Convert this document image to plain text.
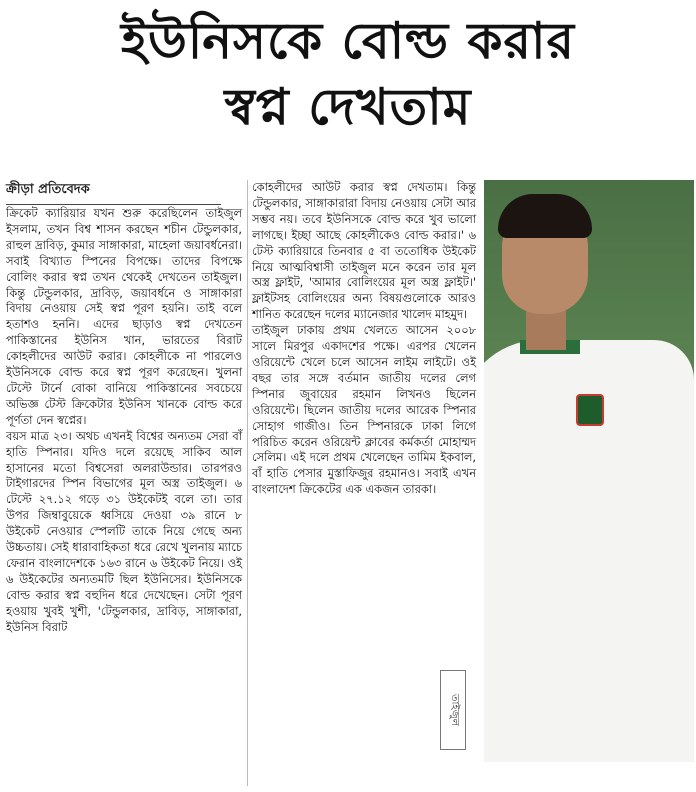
ইউনিসকে বোল্ড করার
স্বপ্ন দেখতাম
ক্রীড়া প্রতিবেদক

ক্রিকেট ক্যারিয়ার যখন শুরু করেছিলেন তাইজুল ইসলাম, তখন বিশ্ব শাসন করছেন শচীন টেন্ডুলকার, রাহুল দ্রাবিড়, কুমার সাঙ্গাকারা, মাহেলা জয়াবর্ধনেরা। সবাই বিখ্যাত স্পিনের বিপক্ষে। তাদের বিপক্ষে বোলিং করার স্বপ্ন তখন থেকেই দেখতেন তাইজুল। কিন্তু টেন্ডুলকার, দ্রাবিড়, জয়াবর্ধনে ও সাঙ্গাকারা বিদায় নেওয়ায় সেই স্বপ্ন পূরণ হয়নি। তাই বলে হতাশও হননি। এদের ছাড়াও স্বপ্ন দেখতেন পাকিস্তানের ইউনিস খান, ভারতের বিরাট কোহলীদের আউট করার। কোহলীকে না পারলেও ইউনিসকে বোল্ড করে স্বপ্ন পূরণ করেছেন। খুলনা টেস্টে টার্নে বোকা বানিয়ে পাকিস্তানের সবচেয়ে অভিজ্ঞ টেস্ট ক্রিকেটার ইউনিস খানকে বোল্ড করে পূর্ণতা দেন স্বপ্নের।

বয়স মাত্র ২৩। অথচ এখনই বিশ্বের অন্যতম সেরা বাঁ হাতি স্পিনার। যদিও দলে রয়েছে সাকিব আল হাসানের মতো বিশ্বসেরা অলরাউন্ডার। তারপরও টাইগারদের স্পিন বিভাগের মূল অস্ত্র তাইজুল। ৬ টেস্টে ২৭.১২ গড়ে ৩১ উইকেটই বলে তা। তার উপর জিম্বাবুয়েকে ধ্বসিয়ে দেওয়া ৩৯ রানে ৮ উইকেট নেওয়ার স্পেলটি তাকে নিয়ে গেছে অন্য উচ্চতায়। সেই ধারাবাহিকতা ধরে রেখে খুলনায় ম্যাচে ফেরান বাংলাদেশকে ১৬৩ রানে ৬ উইকেট নিয়ে। ওই ৬ উইকেটের অন্যতমটি ছিল ইউনিসের। ইউনিসকে বোল্ড করার স্বপ্ন বহুদিন ধরে দেখেছেন। সেটা পূরণ হওয়ায় খুবই খুশী, 'টেন্ডুলকার, দ্রাবিড়, সাঙ্গাকারা, ইউনিস বিরাট

কোহলীদের আউট করার স্বপ্ন দেখতাম। কিন্তু টেন্ডুলকার, সাঙ্গাকারারা বিদায় নেওয়ায় সেটা আর সম্ভব নয়। তবে ইউনিসকে বোল্ড করে খুব ভালো লাগছে। ইচ্ছা আছে কোহলীকেও বোল্ড করার।' ৬ টেস্ট ক্যারিয়ারে তিনবার ৫ বা ততোধিক উইকেট নিয়ে আত্মবিশ্বাসী তাইজুল মনে করেন তার মূল অস্ত্র ফ্লাইট, 'আমার বোলিংয়ের মূল অস্ত্র ফ্লাইট।' ফ্লাইটসহ বোলিংয়ের অন্য বিষয়গুলোকে আরও শানিত করেছেন দলের ম্যানেজার খালেদ মাহমুদ।

তাইজুল ঢাকায় প্রথম খেলতে আসেন ২০০৮ সালে মিরপুর একাদশের পক্ষে। এরপর খেলেন ওরিয়েন্টে খেলে চলে আসেন লাইম লাইটে। ওই বছর তার সঙ্গে বর্তমান জাতীয় দলের লেগ স্পিনার জুবায়ের রহমান লিখনও ছিলেন ওরিয়েন্টে। ছিলেন জাতীয় দলের আরেক স্পিনার সোহাগ গাজীও। তিন স্পিনারকে ঢাকা লিগে পরিচিত করেন ওরিয়েন্ট ক্লাবের কর্মকর্তা মোহাম্মদ সেলিম। এই দলে প্রথম খেলেছেন তামিম ইকবাল, বাঁ হাতি পেসার মুস্তাফিজুর রহমানও। সবাই এখন বাংলাদেশ ক্রিকেটের এক একজন তারকা।

তাইজুল
